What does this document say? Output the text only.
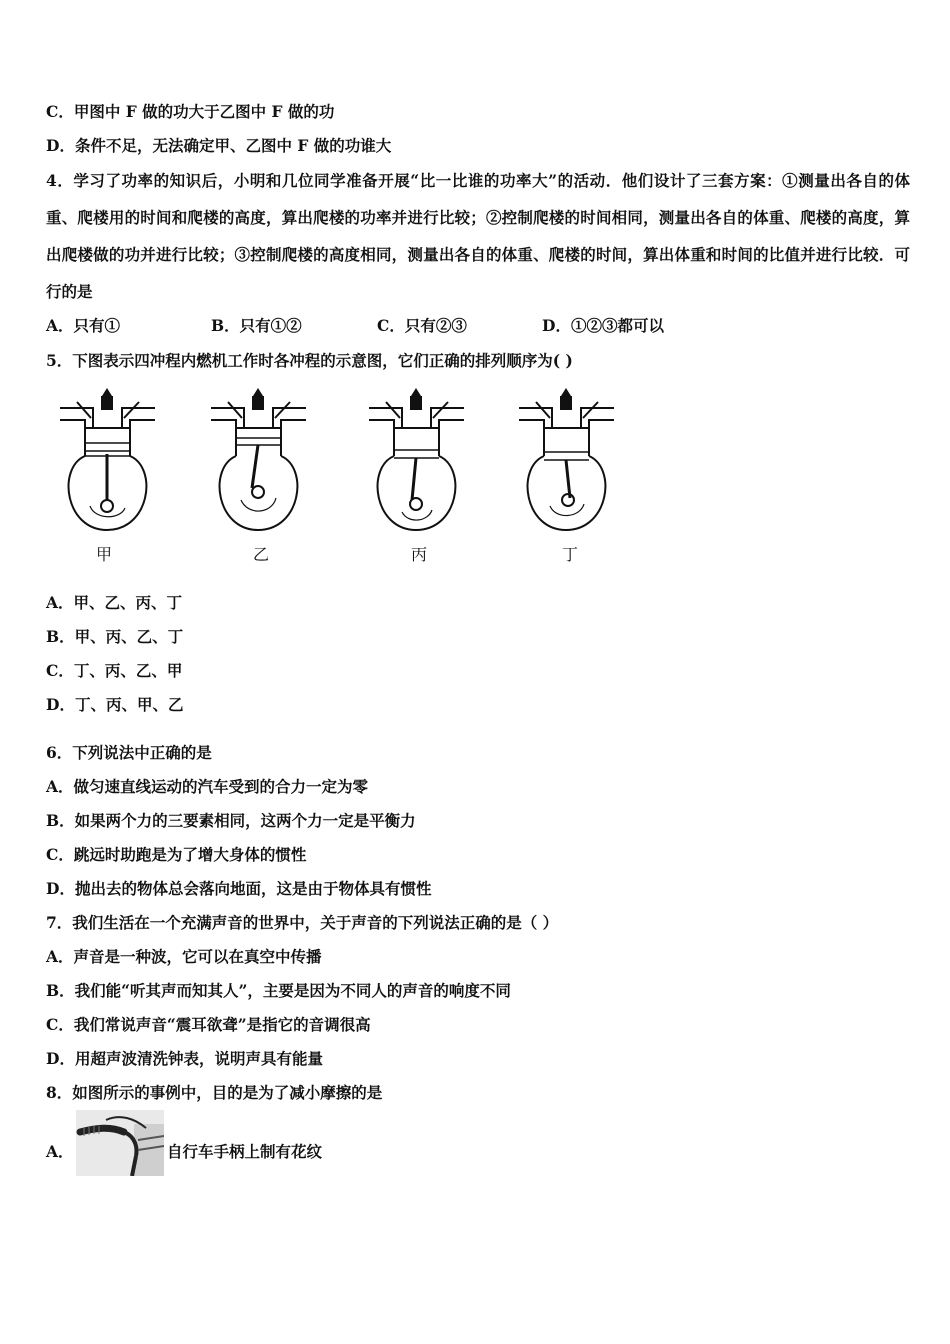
C．甲图中 F 做的功大于乙图中 F 做的功
D．条件不足，无法确定甲、乙图中 F 做的功谁大
4．学习了功率的知识后，小明和几位同学准备开展“比一比谁的功率大”的活动．他们设计了三套方案：①测量出各自的体重、爬楼用的时间和爬楼的高度，算出爬楼的功率并进行比较；②控制爬楼的时间相同，测量出各自的体重、爬楼的高度，算出爬楼做的功并进行比较；③控制爬楼的高度相同，测量出各自的体重、爬楼的时间，算出体重和时间的比值并进行比较．可行的是
A．只有①	B．只有①②	C．只有②③	D．①②③都可以
5．下图表示四冲程内燃机工作时各冲程的示意图，它们正确的排列顺序为( )
甲	乙	丙	丁
A．甲、乙、丙、丁
B．甲、丙、乙、丁
C．丁、丙、乙、甲
D．丁、丙、甲、乙
6．下列说法中正确的是
A．做匀速直线运动的汽车受到的合力一定为零
B．如果两个力的三要素相同，这两个力一定是平衡力
C．跳远时助跑是为了增大身体的惯性
D．抛出去的物体总会落向地面，这是由于物体具有惯性
7．我们生活在一个充满声音的世界中，关于声音的下列说法正确的是（ ）
A．声音是一种波，它可以在真空中传播
B．我们能“听其声而知其人”，主要是因为不同人的声音的响度不同
C．我们常说声音“震耳欲聋”是指它的音调很高
D．用超声波清洗钟表，说明声具有能量
8．如图所示的事例中，目的是为了减小摩擦的是
A．	自行车手柄上制有花纹
